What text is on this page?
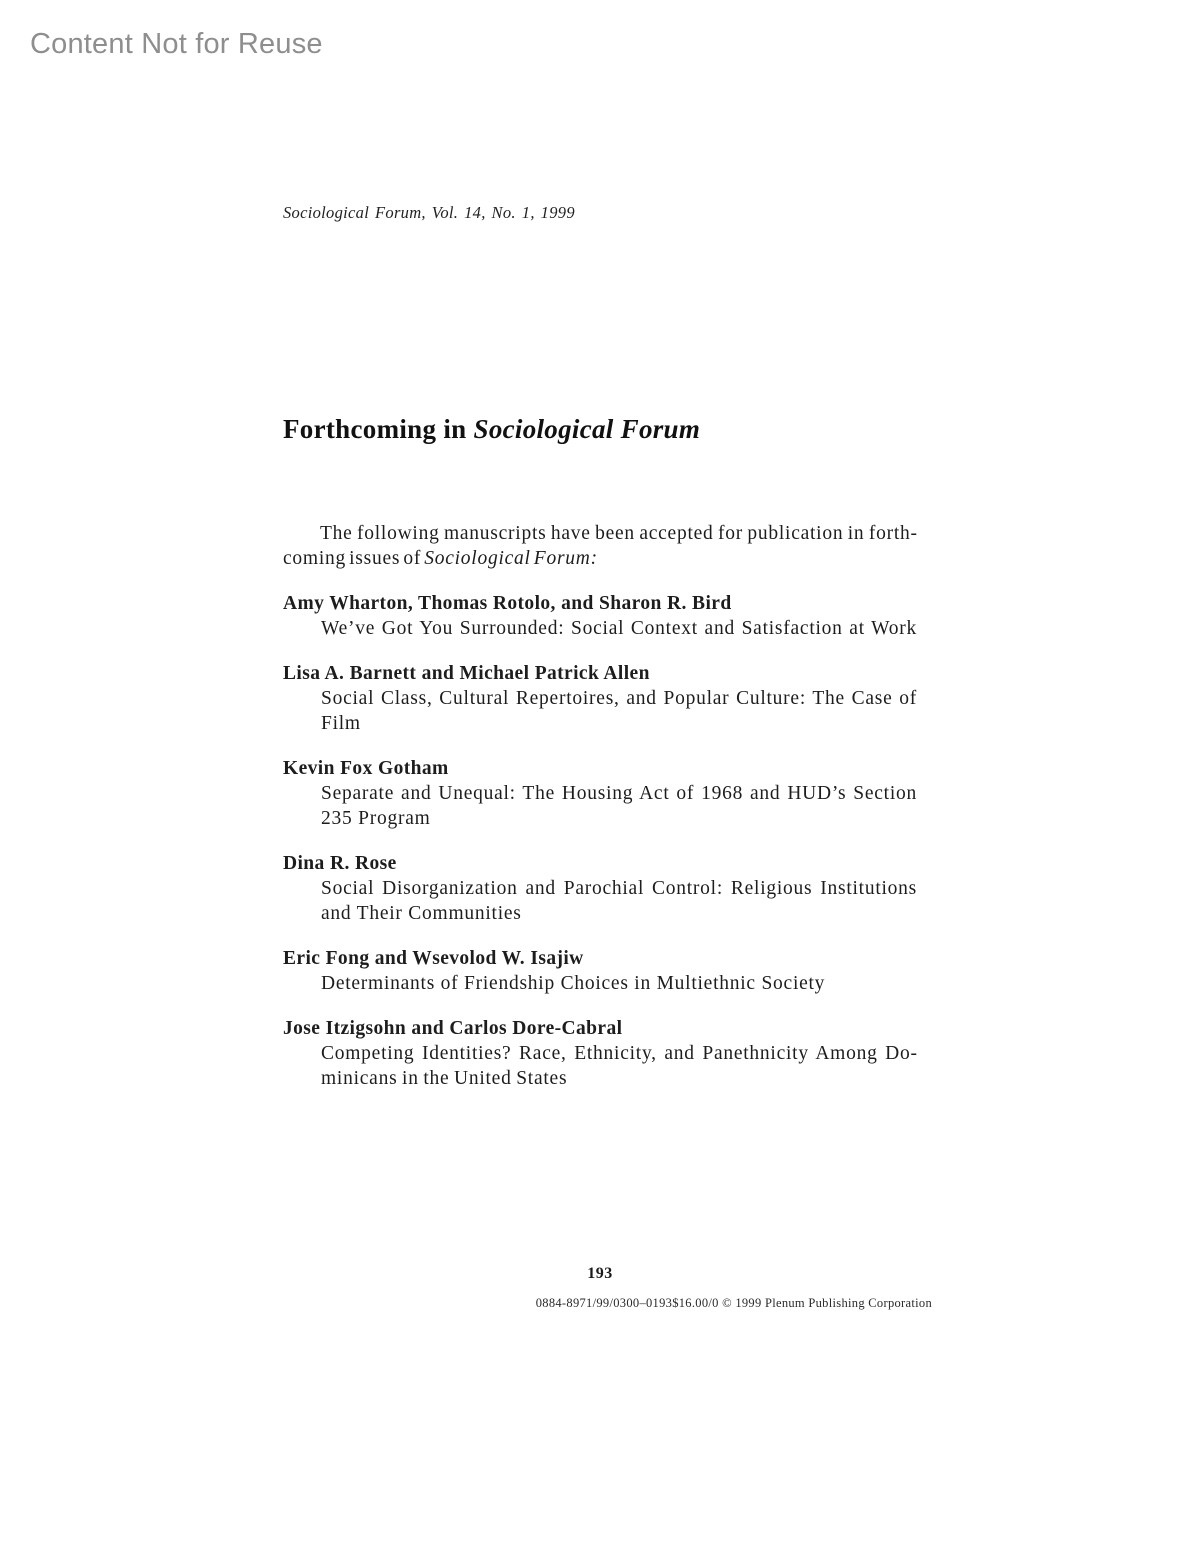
Content Not for Reuse
Sociological Forum, Vol. 14, No. 1, 1999
Forthcoming in Sociological Forum

The following manuscripts have been accepted for publication in forthcoming issues of Sociological Forum:

Amy Wharton, Thomas Rotolo, and Sharon R. Bird
We’ve Got You Surrounded: Social Context and Satisfaction at Work
Lisa A. Barnett and Michael Patrick Allen
Social Class, Cultural Repertoires, and Popular Culture: The Case of Film
Kevin Fox Gotham
Separate and Unequal: The Housing Act of 1968 and HUD’s Section 235 Program
Dina R. Rose
Social Disorganization and Parochial Control: Religious Institutions and Their Communities
Eric Fong and Wsevolod W. Isajiw
Determinants of Friendship Choices in Multiethnic Society
Jose Itzigsohn and Carlos Dore-Cabral
Competing Identities? Race, Ethnicity, and Panethnicity Among Dominicans in the United States
193
0884-8971/99/0300–0193$16.00/0 © 1999 Plenum Publishing Corporation
